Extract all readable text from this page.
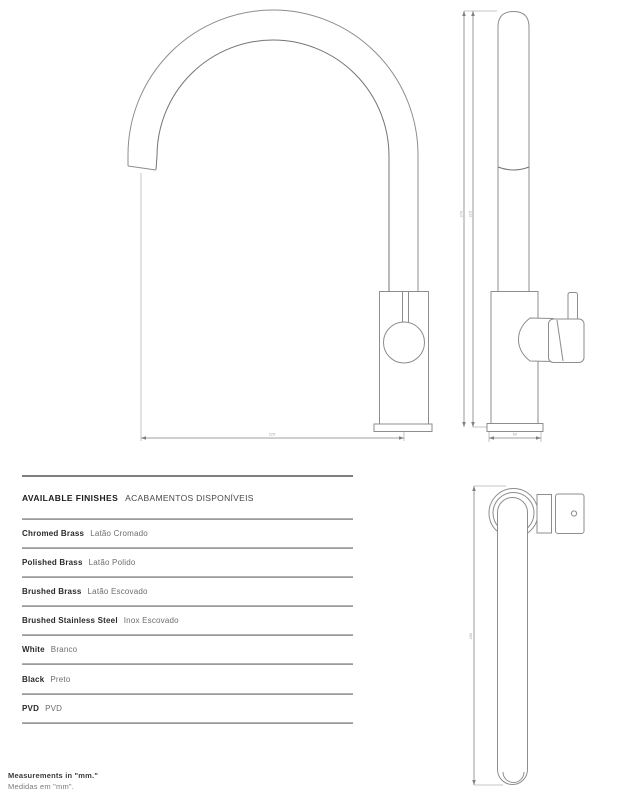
225
370 315
60
260
AVAILABLE FINISHES ACABAMENTOS DISPONÍVEIS
Chromed Brass Latão Cromado
Polished Brass Latão Polido
Brushed Brass Latão Escovado
Brushed Stainless Steel Inox Escovado
White Branco
Black Preto
PVD PVD
Measurements in "mm."
Medidas em "mm".
